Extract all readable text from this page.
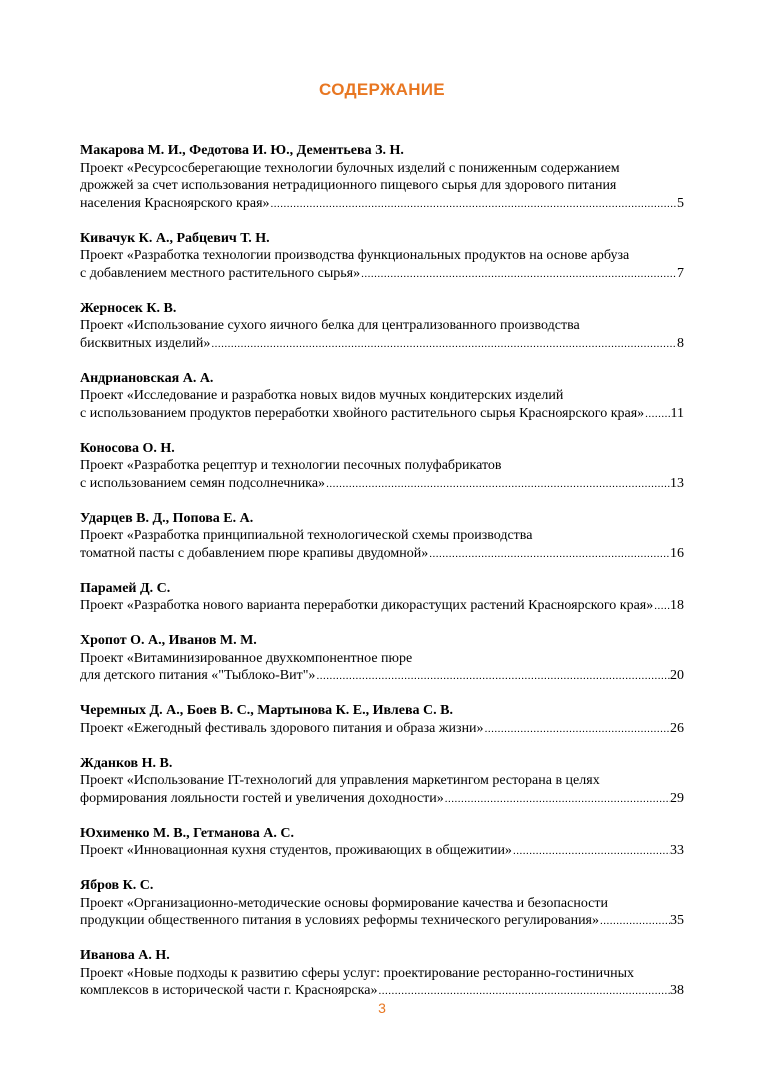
СОДЕРЖАНИЕ
Макарова М. И., Федотова И. Ю., Дементьева З. Н.
Проект «Ресурсосберегающие технологии булочных изделий с пониженным содержанием
дрожжей за счет использования нетрадиционного пищевого сырья для здорового питания
населения Красноярского края» .....	5
Кивачук К. А., Рабцевич Т. Н.
Проект «Разработка технологии производства функциональных продуктов на основе арбуза
с добавлением местного растительного сырья» .....	7
Жерносек К. В.
Проект «Использование сухого яичного белка для централизованного производства
бисквитных изделий» .....	8
Андриановская А. А.
Проект «Исследование и разработка новых видов мучных кондитерских изделий
с использованием продуктов переработки хвойного растительного сырья Красноярского края» ..... 11
Коносова О. Н.
Проект «Разработка рецептур и технологии песочных полуфабрикатов
с использованием семян подсолнечника» .....	13
Ударцев В. Д., Попова Е. А.
Проект «Разработка принципиальной технологической схемы производства
томатной пасты с добавлением пюре крапивы двудомной» .....	16
Парамей Д. С.
Проект «Разработка нового варианта переработки дикорастущих растений Красноярского края» ..... 18
Хропот О. А., Иванов М. М.
Проект «Витаминизированное двухкомпонентное пюре
для детского питания «"Тыблоко-Вит"» .....	20
Черемных Д. А., Боев В. С., Мартынова К. Е., Ивлева С. В.
Проект «Ежегодный фестиваль здорового питания и образа жизни» .....	26
Жданков Н. В.
Проект «Использование IT-технологий для управления маркетингом ресторана в целях
формирования лояльности гостей и увеличения доходности» .....	29
Юхименко М. В., Гетманова А. С.
Проект «Инновационная кухня студентов, проживающих в общежитии» .....	33
Ябров К. С.
Проект «Организационно-методические основы формирование качества и безопасности
продукции общественного питания в условиях реформы технического регулирования» .....	35
Иванова А. Н.
Проект «Новые подходы к развитию сферы услуг: проектирование ресторанно-гостиничных
комплексов в исторической части г. Красноярска» .....	38
3
